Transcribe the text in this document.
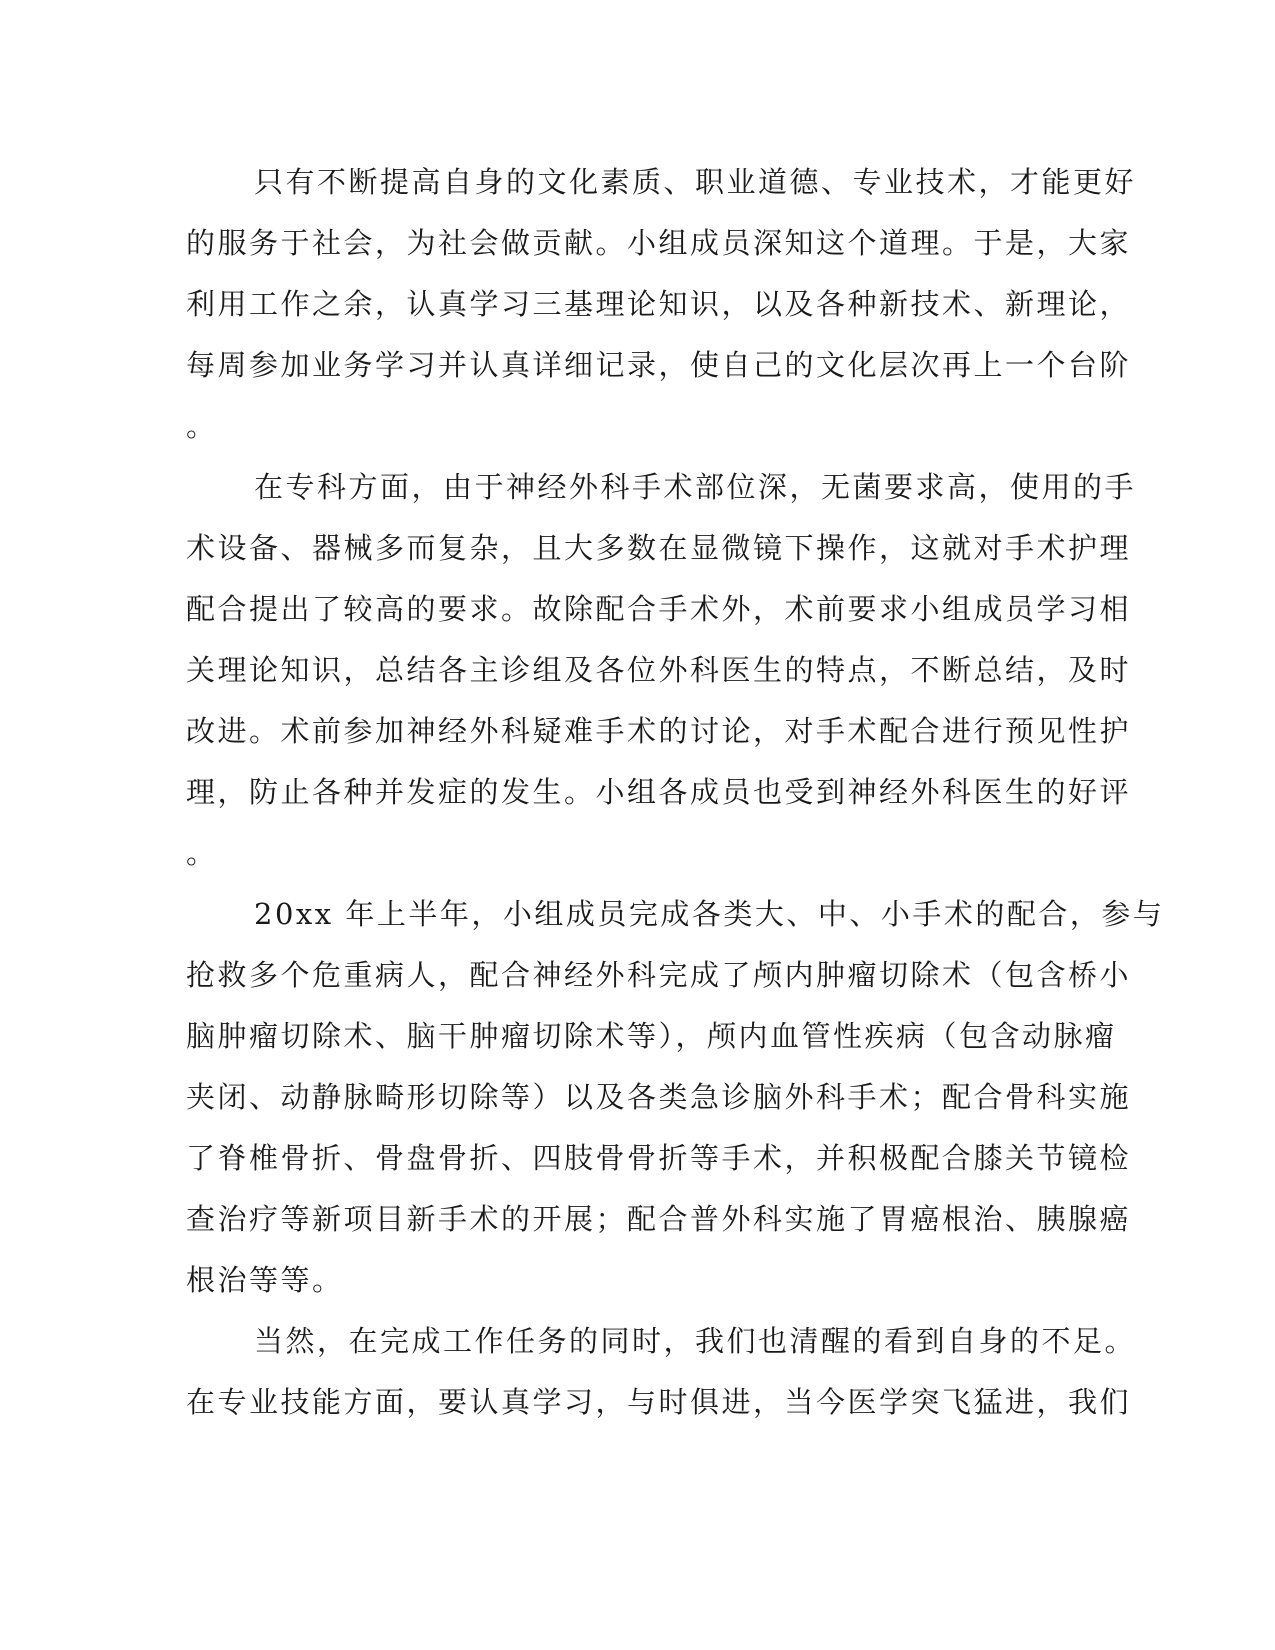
只有不断提高自身的文化素质、职业道德、专业技术，才能更好
的服务于社会，为社会做贡献。小组成员深知这个道理。于是，大家
利用工作之余，认真学习三基理论知识，以及各种新技术、新理论，
每周参加业务学习并认真详细记录，使自己的文化层次再上一个台阶
。
在专科方面，由于神经外科手术部位深，无菌要求高，使用的手
术设备、器械多而复杂，且大多数在显微镜下操作，这就对手术护理
配合提出了较高的要求。故除配合手术外，术前要求小组成员学习相
关理论知识，总结各主诊组及各位外科医生的特点，不断总结，及时
改进。术前参加神经外科疑难手术的讨论，对手术配合进行预见性护
理，防止各种并发症的发生。小组各成员也受到神经外科医生的好评
。
20xx 年上半年，小组成员完成各类大、中、小手术的配合，参与
抢救多个危重病人，配合神经外科完成了颅内肿瘤切除术（包含桥小
脑肿瘤切除术、脑干肿瘤切除术等），颅内血管性疾病（包含动脉瘤
夹闭、动静脉畸形切除等）以及各类急诊脑外科手术；配合骨科实施
了脊椎骨折、骨盘骨折、四肢骨骨折等手术，并积极配合膝关节镜检
查治疗等新项目新手术的开展；配合普外科实施了胃癌根治、胰腺癌
根治等等。
当然，在完成工作任务的同时，我们也清醒的看到自身的不足。
在专业技能方面，要认真学习，与时俱进，当今医学突飞猛进，我们
